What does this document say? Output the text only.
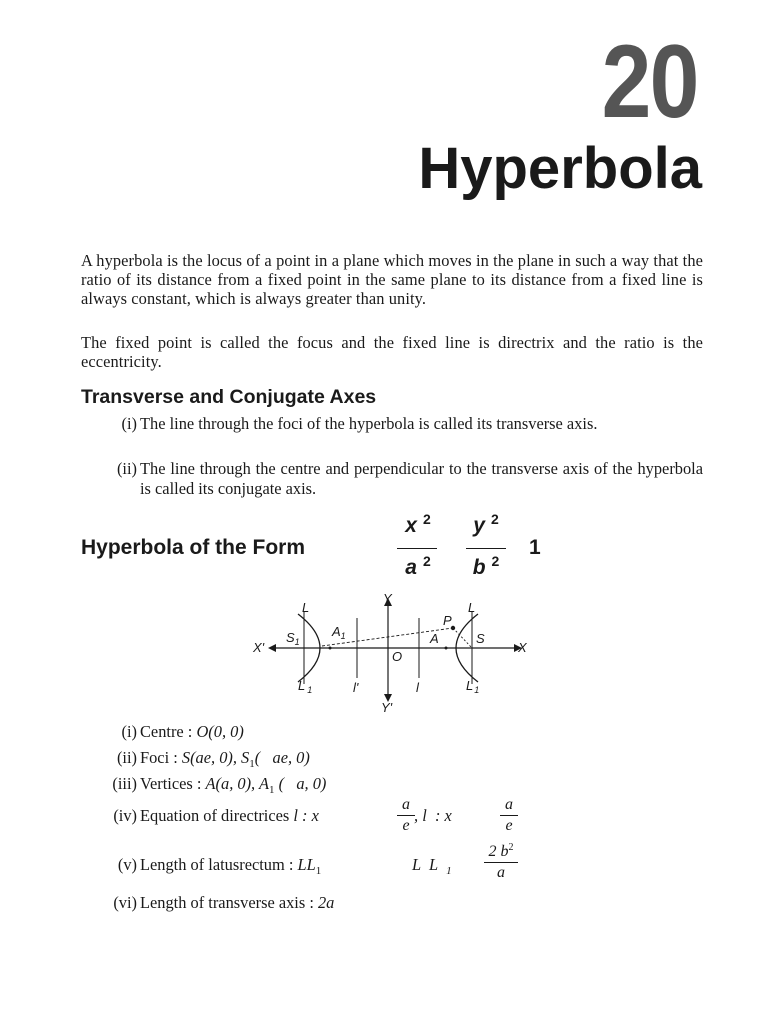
20
Hyperbola
A hyperbola is the locus of a point in a plane which moves in the plane in such a way that the ratio of its distance from a fixed point in the same plane to its distance from a fixed line is always constant, which is always greater than unity.
The fixed point is called the focus and the fixed line is directrix and the ratio is the eccentricity.
Transverse and Conjugate Axes
(i) The line through the foci of the hyperbola is called its transverse axis.
(ii) The line through the centre and perpendicular to the transverse axis of the hyperbola is called its conjugate axis.
Hyperbola of the Form
x $^2$
a $^2$
y $^2$
b $^2$
1
Y
Y'
X
X'
O
L	L
L $_1$	$L_1$
$S_1$
$A_1$	A	S
P
l'	l
(i) Centre : O(0, 0)
(ii) Foci : S(ae, 0), $S_1$(   ae, 0)
(iii) Vertices : A(a, 0), $A_1$ (   a, 0)
(iv) Equation of directrices l : x
a
e
, l  : x
a
e
(v) Length of latusrectum : $LL_1$	L  L $_1$
2 $b^2$
a
(vi) Length of transverse axis : 2a
